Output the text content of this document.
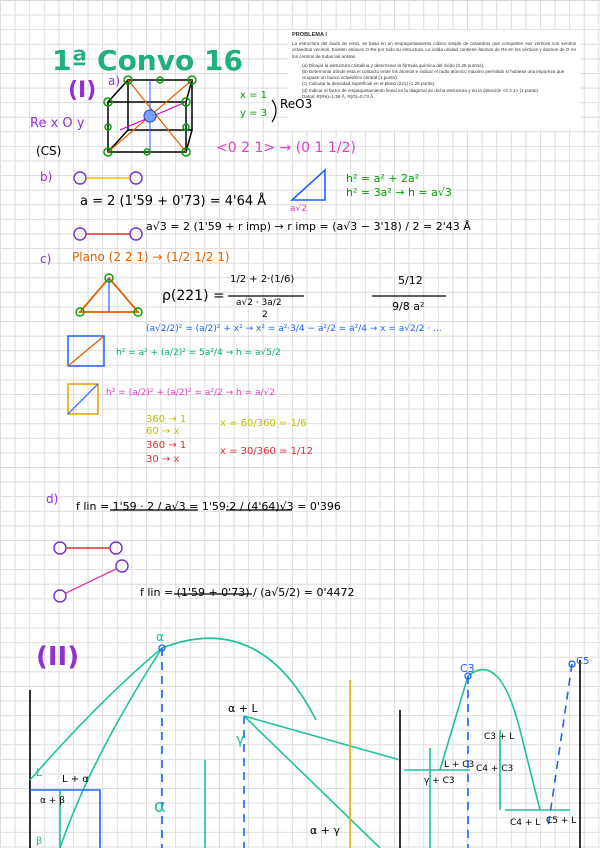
PROBLEMA I
La estructura del óxido de renio, se basa en un empaquetamiento cúbico simple de octaedros que comparten sus vértices con sendos octaedros vecinos. Existen enlaces O-Re por todo su estructura. La celda unidad contiene átomos de Re en los vértices y átomos de O en los centros de todas las aristas.
(a) Dibujar la estructura cristalina y determinar la fórmula química del óxido (0.25 puntos).
(b) Determinar dónde está el contacto entre los átomos e indicar el radio atómico máximo permitido si hubiese una impureza que ocupase un hueco octaédrico central (1 punto).
(c) Calcular la densidad superficial en el plano (221) (1.25 punto).
(d) Indicar el factor de empaquetamiento lineal en la diagonal de dicha estructura y en la dirección <0 2 1> (1 punto).
Datos: R(Re)=1,59 Å, R(O)=0,73 Å.
1ª Convo 16
(I) a)
Re x O y
(CS)
x = 1
y = 3
ReO3
<0 2 1> → (0 1 1/2)
b)
a = 2 (1'59 + 0'73) = 4'64 Å
a√3 = 2 (1'59 + r imp) → r imp = (a√3 − 3'18) / 2 = 2'43 Å
h² = a² + 2a²
h² = 3a² → h = a√3
a√2
c) Plano (2 2 1) → (1/2 1/2 1)
ρ(221) =
1/2 + 2·(1/6)
a√2 · 3a/2
2
5/12
9/8 a²
(a√2/2)² = (a/2)² + x² → x² = a²·3/4 − a²/2 = a²/4 → x = a√2/2 · ...
h² = a² + (a/2)² = 5a²/4 → h = a√5/2
h² = (a/2)² + (a/2)² = a²/2 → h = a/√2
360 → 1
60 → x
x = 60/360 = 1/6
360 → 1
30 → x
x = 30/360 = 1/12
d)
f lin = 1'59 · 2 / a√3 = 1'59·2 / (4'64)√3 = 0'396
f lin = (1'59 + 0'73) / (a√5/2) = 0'4472
(II)
α
α + L
γ
α
α + γ
L
L + α
α + β
β
C3
C5
C3 + L
L + C3
γ + C3
C4 + C3
C4 + L C5 + L
